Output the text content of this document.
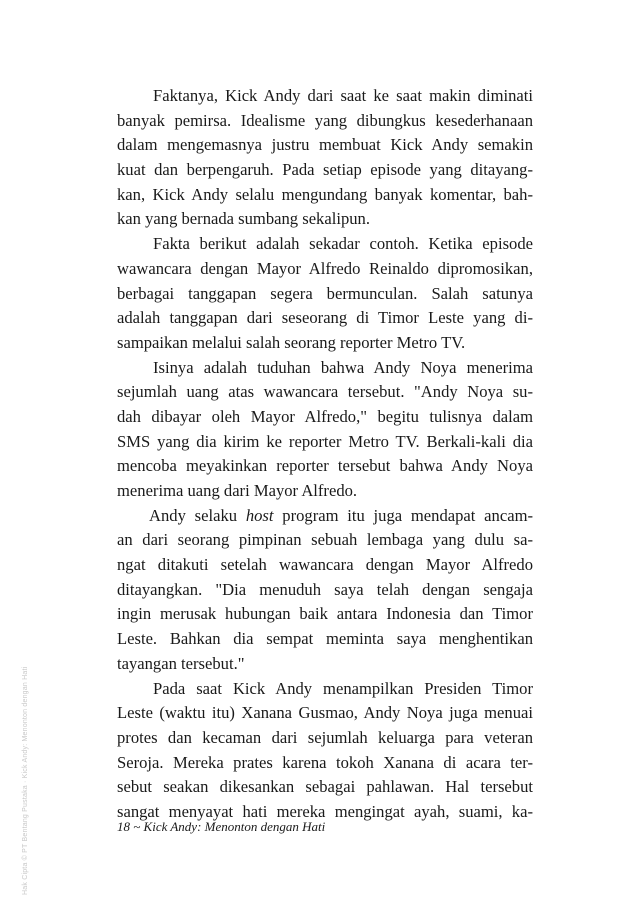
Faktanya, Kick Andy dari saat ke saat makin diminati
banyak pemirsa. Idealisme yang dibungkus kesederhanaan
dalam mengemasnya justru membuat Kick Andy semakin
kuat dan berpengaruh. Pada setiap episode yang ditayang-
kan, Kick Andy selalu mengundang banyak komentar, bah-
kan yang bernada sumbang sekalipun.
Fakta berikut adalah sekadar contoh. Ketika episode
wawancara dengan Mayor Alfredo Reinaldo dipromosikan,
berbagai tanggapan segera bermunculan. Salah satunya
adalah tanggapan dari seseorang di Timor Leste yang di-
sampaikan melalui salah seorang reporter Metro TV.
Isinya adalah tuduhan bahwa Andy Noya menerima
sejumlah uang atas wawancara tersebut. "Andy Noya su-
dah dibayar oleh Mayor Alfredo," begitu tulisnya dalam
SMS yang dia kirim ke reporter Metro TV. Berkali-kali dia
mencoba meyakinkan reporter tersebut bahwa Andy Noya
menerima uang dari Mayor Alfredo.
Andy selaku host program itu juga mendapat ancam-
an dari seorang pimpinan sebuah lembaga yang dulu sa-
ngat ditakuti setelah wawancara dengan Mayor Alfredo
ditayangkan. "Dia menuduh saya telah dengan sengaja
ingin merusak hubungan baik antara Indonesia dan Timor
Leste. Bahkan dia sempat meminta saya menghentikan
tayangan tersebut."
Pada saat Kick Andy menampilkan Presiden Timor
Leste (waktu itu) Xanana Gusmao, Andy Noya juga menuai
protes dan kecaman dari sejumlah keluarga para veteran
Seroja. Mereka prates karena tokoh Xanana di acara ter-
sebut seakan dikesankan sebagai pahlawan. Hal tersebut
sangat menyayat hati mereka mengingat ayah, suami, ka-
18 ~ Kick Andy: Menonton dengan Hati
Hak Cipta © PT Bentang Pustaka · Kick Andy: Menonton dengan Hati
